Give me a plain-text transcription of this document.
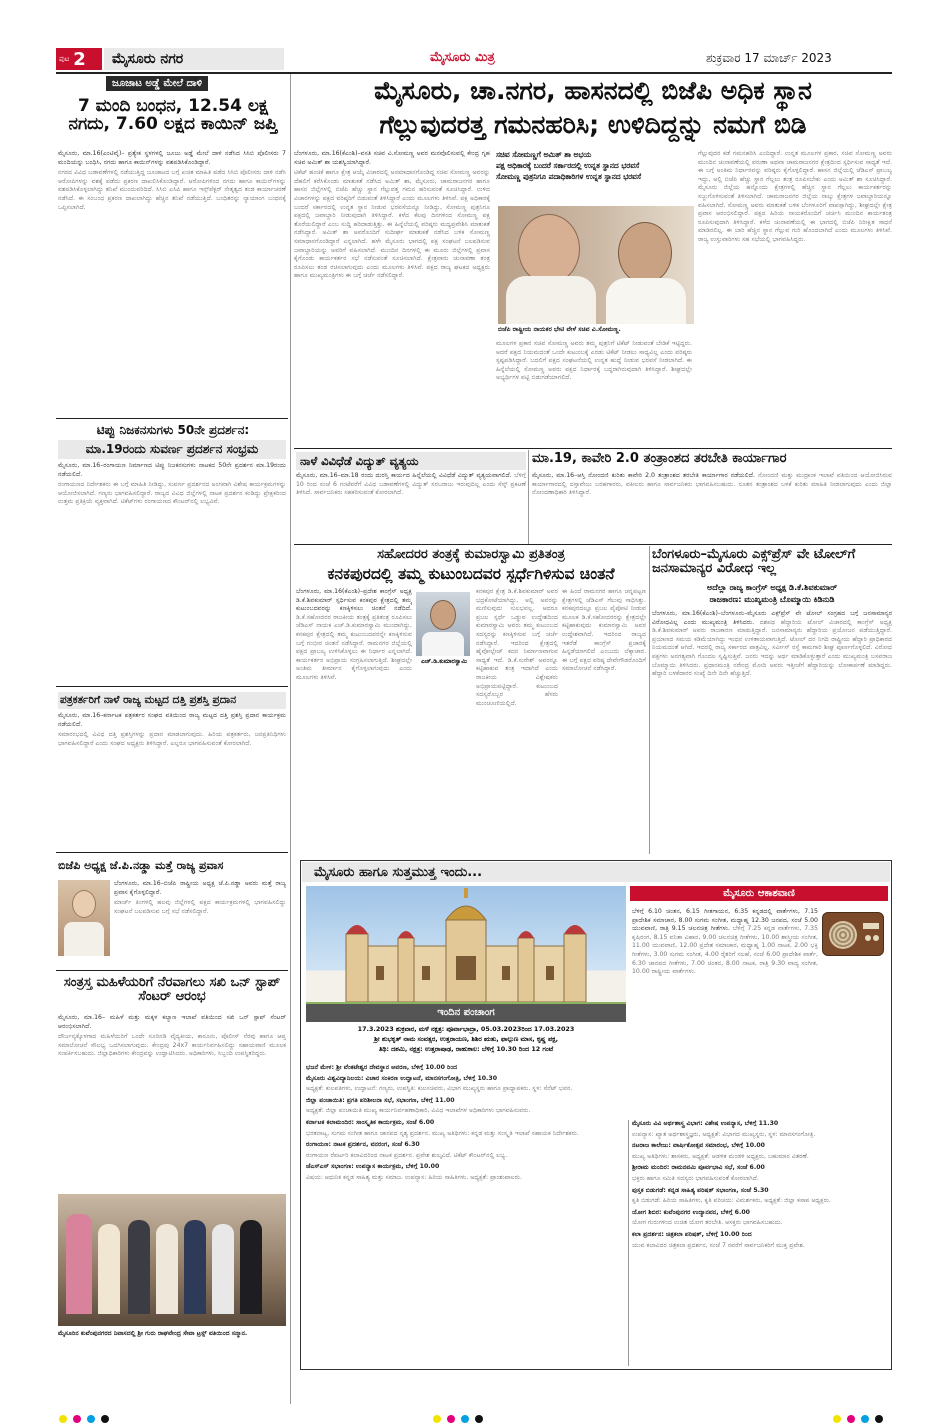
ಪುಟ 2 ಮೈಸೂರು ನಗರ	ಮೈಸೂರು ಮಿತ್ರ	ಶುಕ್ರವಾರ 17 ಮಾರ್ಚ್ 2023
ಜೂಜಾಟ ಅಡ್ಡೆ ಮೇಲೆ ದಾಳಿ
7 ಮಂದಿ ಬಂಧನ, 12.54 ಲಕ್ಷ ನಗದು, 7.60 ಲಕ್ಷದ ಕಾಯಿನ್ ಜಪ್ತಿ
ಮೈಸೂರು, ಮಾ.16(ಎಂಟಿವೈ)– ಪ್ರತ್ಯೇಕ ಸ್ಥಳಗಳಲ್ಲಿ ಜೂಜು ಅಡ್ಡೆ ಮೇಲೆ ದಾಳಿ ನಡೆಸಿದ ಸಿಸಿಬಿ ಪೊಲೀಸರು 7 ಮಂದಿಯನ್ನು ಬಂಧಿಸಿ, ನಗದು ಹಾಗೂ ಕಾಯಿನ್‌ಗಳನ್ನು ವಶಪಡಿಸಿಕೊಂಡಿದ್ದಾರೆ.
ನಗರದ ವಿವಿಧ ಬಡಾವಣೆಗಳಲ್ಲಿ ನಡೆಯುತ್ತಿದ್ದ ಜೂಜಾಟದ ಬಗ್ಗೆ ಖಚಿತ ಮಾಹಿತಿ ಪಡೆದ ಸಿಸಿಬಿ ಪೊಲೀಸರು ದಾಳಿ ನಡೆಸಿ ಆರೋಪಿಗಳನ್ನು ವಶಕ್ಕೆ ಪಡೆದು ಪ್ರಕರಣ ದಾಖಲಿಸಿಕೊಂಡಿದ್ದಾರೆ. ಆರೋಪಿಗಳಿಂದ ನಗದು ಹಾಗೂ ಕಾಯಿನ್‌ಗಳನ್ನು ವಶಪಡಿಸಿಕೊಳ್ಳಲಾಗಿದ್ದು ತನಿಖೆ ಮುಂದುವರಿದಿದೆ. ಸಿಸಿಬಿ ಎಸಿಪಿ ಹಾಗೂ ಇನ್ಸ್‌ಪೆಕ್ಟರ್ ನೇತೃತ್ವದ ತಂಡ ಕಾರ್ಯಾಚರಣೆ ನಡೆಸಿದೆ. ಈ ಸಂಬಂಧ ಪ್ರಕರಣ ದಾಖಲಾಗಿದ್ದು ಹೆಚ್ಚಿನ ತನಿಖೆ ನಡೆಯುತ್ತಿದೆ. ಬಂಧಿತರನ್ನು ನ್ಯಾಯಾಂಗ ಬಂಧನಕ್ಕೆ ಒಪ್ಪಿಸಲಾಗಿದೆ.
ಟಿಪ್ಪು ನಿಜಕನಸುಗಳು 50ನೇ ಪ್ರದರ್ಶನ:
ಮಾ.19ರಂದು ಸುವರ್ಣ ಪ್ರದರ್ಶನ ಸಂಭ್ರಮ
ಮೈಸೂರು, ಮಾ.16–ರಂಗಾಯಣ ನಿರ್ಮಾಣದ ಟಿಪ್ಪು ನಿಜಕನಸುಗಳು ನಾಟಕದ 50ನೇ ಪ್ರದರ್ಶನ ಮಾ.19ರಂದು ನಡೆಯಲಿದೆ.
ರಂಗಾಯಣದ ನಿರ್ದೇಶಕರು ಈ ಬಗ್ಗೆ ಮಾಹಿತಿ ನೀಡಿದ್ದು, ಸುವರ್ಣ ಪ್ರದರ್ಶನದ ಅಂಗವಾಗಿ ವಿಶೇಷ ಕಾರ್ಯಕ್ರಮಗಳನ್ನು ಆಯೋಜಿಸಲಾಗಿದೆ. ಗಣ್ಯರು ಭಾಗವಹಿಸಲಿದ್ದಾರೆ. ರಾಜ್ಯದ ವಿವಿಧ ಜಿಲ್ಲೆಗಳಲ್ಲಿ ನಾಟಕ ಪ್ರದರ್ಶನ ಕಂಡಿದ್ದು ಪ್ರೇಕ್ಷಕರಿಂದ ಉತ್ತಮ ಪ್ರತಿಕ್ರಿಯೆ ವ್ಯಕ್ತವಾಗಿದೆ. ಟಿಕೆಟ್‌ಗಳು ರಂಗಾಯಣದ ಕೌಂಟರ್‌ನಲ್ಲಿ ಲಭ್ಯವಿವೆ.
ಪತ್ರಕರ್ತರಿಗೆ ನಾಳೆ ರಾಜ್ಯ ಮಟ್ಟದ ದತ್ತಿ ಪ್ರಶಸ್ತಿ ಪ್ರದಾನ
ಮೈಸೂರು, ಮಾ.16–ಕರ್ನಾಟಕ ಪತ್ರಕರ್ತರ ಸಂಘದ ವತಿಯಿಂದ ರಾಜ್ಯ ಮಟ್ಟದ ದತ್ತಿ ಪ್ರಶಸ್ತಿ ಪ್ರದಾನ ಕಾರ್ಯಕ್ರಮ ನಡೆಯಲಿದೆ.
ಸಮಾರಂಭದಲ್ಲಿ ವಿವಿಧ ದತ್ತಿ ಪ್ರಶಸ್ತಿಗಳನ್ನು ಪ್ರದಾನ ಮಾಡಲಾಗುವುದು. ಹಿರಿಯ ಪತ್ರಕರ್ತರು, ಜನಪ್ರತಿನಿಧಿಗಳು ಭಾಗವಹಿಸಲಿದ್ದಾರೆ ಎಂದು ಸಂಘದ ಅಧ್ಯಕ್ಷರು ತಿಳಿಸಿದ್ದಾರೆ. ಎಲ್ಲರೂ ಭಾಗವಹಿಸುವಂತೆ ಕೋರಲಾಗಿದೆ.
ಬಿಜೆಪಿ ಅಧ್ಯಕ್ಷ ಜೆ.ಪಿ.ನಡ್ಡಾ ಮತ್ತೆ ರಾಜ್ಯ ಪ್ರವಾಸ
ಬೆಂಗಳೂರು, ಮಾ.16–ಬಿಜೆಪಿ ರಾಷ್ಟ್ರೀಯ ಅಧ್ಯಕ್ಷ ಜೆ.ಪಿ.ನಡ್ಡಾ ಅವರು ಮತ್ತೆ ರಾಜ್ಯ ಪ್ರವಾಸ ಕೈಗೊಳ್ಳಲಿದ್ದಾರೆ.
ಮಾರ್ಚ್ ತಿಂಗಳಲ್ಲಿ ಹಲವು ಜಿಲ್ಲೆಗಳಲ್ಲಿ ಪಕ್ಷದ ಕಾರ್ಯಕ್ರಮಗಳಲ್ಲಿ ಭಾಗವಹಿಸಲಿದ್ದು ಸಂಘಟನೆ ಬಲಪಡಿಸುವ ಬಗ್ಗೆ ಸಭೆ ನಡೆಸಲಿದ್ದಾರೆ.
ಸಂತ್ರಸ್ತ ಮಹಿಳೆಯರಿಗೆ ನೆರವಾಗಲು ಸಖಿ ಒನ್ ಸ್ಟಾಪ್ ಸೆಂಟರ್ ಆರಂಭ
ಮೈಸೂರು, ಮಾ.16– ಮಹಿಳೆ ಮತ್ತು ಮಕ್ಕಳ ಕಲ್ಯಾಣ ಇಲಾಖೆ ವತಿಯಿಂದ ಸಖಿ ಒನ್ ಸ್ಟಾಪ್ ಸೆಂಟರ್ ಆರಂಭಿಸಲಾಗಿದೆ.
ದೌರ್ಜನ್ಯಕ್ಕೊಳಗಾದ ಮಹಿಳೆಯರಿಗೆ ಒಂದೇ ಸೂರಿನಡಿ ವೈದ್ಯಕೀಯ, ಕಾನೂನು, ಪೊಲೀಸ್ ನೆರವು ಹಾಗೂ ಆಪ್ತ ಸಮಾಲೋಚನೆ ಸೌಲಭ್ಯ ಒದಗಿಸಲಾಗುವುದು. ಕೇಂದ್ರವು 24x7 ಕಾರ್ಯನಿರ್ವಹಿಸಲಿದ್ದು ಸಹಾಯವಾಣಿ ಮೂಲಕ ಸಂಪರ್ಕಿಸಬಹುದು. ಜಿಲ್ಲಾಧಿಕಾರಿಗಳು ಕೇಂದ್ರವನ್ನು ಉದ್ಘಾಟಿಸಿದರು. ಅಧಿಕಾರಿಗಳು, ಸಿಬ್ಬಂದಿ ಉಪಸ್ಥಿತರಿದ್ದರು.
ಮೈಸೂರಿನ ಕುವೆಂಪುನಗರದ ನಿವಾಸದಲ್ಲಿ ಶ್ರೀ ಗುರು ರಾಘವೇಂದ್ರ ಸೇವಾ ಟ್ರಸ್ಟ್ ವತಿಯಿಂದ ಸನ್ಮಾನ.
ಮೈಸೂರು, ಚಾ.ನಗರ, ಹಾಸನದಲ್ಲಿ ಬಿಜೆಪಿ ಅಧಿಕ ಸ್ಥಾನ
ಗೆಲ್ಲುವುದರತ್ತ ಗಮನಹರಿಸಿ; ಉಳಿದಿದ್ದನ್ನು ನಮಗೆ ಬಿಡಿ
ಬೆಂಗಳೂರು, ಮಾ.16(ಕೆಎಂಶಿ)–ವಸತಿ ಸಚಿವ ವಿ.ಸೋಮಣ್ಣ ಅವರ ಮನವೊಲಿಸುವಲ್ಲಿ ಕೇಂದ್ರ ಗೃಹ ಸಚಿವ ಅಮಿತ್ ಶಾ ಯಶಸ್ವಿಯಾಗಿದ್ದಾರೆ.
ಟಿಕೆಟ್ ಹಂಚಿಕೆ ಹಾಗೂ ಕ್ಷೇತ್ರ ಆಯ್ಕೆ ವಿಚಾರದಲ್ಲಿ ಅಸಮಾಧಾನಗೊಂಡಿದ್ದ ಸಚಿವ ಸೋಮಣ್ಣ ಅವರನ್ನು ದೆಹಲಿಗೆ ಕರೆಸಿಕೊಂಡು ಮಾತುಕತೆ ನಡೆಸಿದ ಅಮಿತ್ ಶಾ, ಮೈಸೂರು, ಚಾಮರಾಜನಗರ ಹಾಗೂ ಹಾಸನ ಜಿಲ್ಲೆಗಳಲ್ಲಿ ಬಿಜೆಪಿ ಹೆಚ್ಚು ಸ್ಥಾನ ಗೆಲ್ಲುವತ್ತ ಗಮನ ಹರಿಸುವಂತೆ ಸೂಚಿಸಿದ್ದಾರೆ. ಉಳಿದ ವಿಚಾರಗಳನ್ನು ಪಕ್ಷದ ವರಿಷ್ಠರಿಗೆ ಬಿಡುವಂತೆ ತಿಳಿಸಿದ್ದಾರೆ ಎಂದು ಮೂಲಗಳು ತಿಳಿಸಿವೆ. ಪಕ್ಷ ಅಧಿಕಾರಕ್ಕೆ ಬಂದರೆ ಸರ್ಕಾರದಲ್ಲಿ ಉನ್ನತ ಸ್ಥಾನ ನೀಡುವ ಭರವಸೆಯನ್ನೂ ನೀಡಿದ್ದು, ಸೋಮಣ್ಣ ಪುತ್ರನಿಗೂ ಪಕ್ಷದಲ್ಲಿ ಜವಾಬ್ದಾರಿ ನೀಡುವುದಾಗಿ ತಿಳಿಸಿದ್ದಾರೆ. ಕಳೆದ ಕೆಲವು ದಿನಗಳಿಂದ ಸೋಮಣ್ಣ ಪಕ್ಷ ತೊರೆಯಲಿದ್ದಾರೆ ಎಂಬ ಸುದ್ದಿ ಹರಿದಾಡುತ್ತಿತ್ತು. ಈ ಹಿನ್ನೆಲೆಯಲ್ಲಿ ವರಿಷ್ಠರು ಮಧ್ಯಪ್ರವೇಶಿಸಿ ಮಾತುಕತೆ ನಡೆಸಿದ್ದಾರೆ. ಅಮಿತ್ ಶಾ ಅವರೊಂದಿಗೆ ಸುದೀರ್ಘ ಮಾತುಕತೆ ನಡೆಸಿದ ಬಳಿಕ ಸೋಮಣ್ಣ ಸಮಾಧಾನಗೊಂಡಿದ್ದಾರೆ ಎನ್ನಲಾಗಿದೆ. ಹಳೇ ಮೈಸೂರು ಭಾಗದಲ್ಲಿ ಪಕ್ಷ ಸಂಘಟನೆ ಬಲಪಡಿಸುವ ಜವಾಬ್ದಾರಿಯನ್ನು ಅವರಿಗೆ ವಹಿಸಲಾಗಿದೆ. ಮುಂದಿನ ದಿನಗಳಲ್ಲಿ ಈ ಮೂರು ಜಿಲ್ಲೆಗಳಲ್ಲಿ ಪ್ರವಾಸ ಕೈಗೊಂಡು ಕಾರ್ಯಕರ್ತರ ಸಭೆ ನಡೆಸುವಂತೆ ಸೂಚಿಸಲಾಗಿದೆ. ಕ್ಷೇತ್ರವಾರು ಚುನಾವಣಾ ತಂತ್ರ ರೂಪಿಸಲು ತಂಡ ರಚಿಸಲಾಗುವುದು ಎಂದು ಮೂಲಗಳು ತಿಳಿಸಿವೆ. ಪಕ್ಷದ ರಾಜ್ಯ ಘಟಕದ ಅಧ್ಯಕ್ಷರು ಹಾಗೂ ಮುಖ್ಯಮಂತ್ರಿಗಳು ಈ ಬಗ್ಗೆ ಚರ್ಚೆ ನಡೆಸಲಿದ್ದಾರೆ.
ಸಚಿವ ಸೋಮಣ್ಣಗೆ ಅಮಿತ್ ಶಾ ಅಭಯ
ಪಕ್ಷ ಅಧಿಕಾರಕ್ಕೆ ಬಂದರೆ ಸರ್ಕಾರದಲ್ಲಿ ಉನ್ನತ ಸ್ಥಾನದ ಭರವಸೆ
ಸೋಮಣ್ಣ ಪುತ್ರನಿಗೂ ಪದಾಧಿಕಾರಿಗಳ ಉನ್ನತ ಸ್ಥಾನದ ಭರವಸೆ
ಬಿಜೆಪಿ ರಾಷ್ಟ್ರೀಯ ನಾಯಕರ ಭೇಟಿ ವೇಳೆ ಸಚಿವ ವಿ.ಸೋಮಣ್ಣ.
ಮೂಲಗಳ ಪ್ರಕಾರ ಸಚಿವ ಸೋಮಣ್ಣ ಅವರು ತಮ್ಮ ಪುತ್ರನಿಗೆ ಟಿಕೆಟ್ ನೀಡುವಂತೆ ಬೇಡಿಕೆ ಇಟ್ಟಿದ್ದರು. ಆದರೆ ಪಕ್ಷದ ನಿಯಮದಂತೆ ಒಂದೇ ಕುಟುಂಬಕ್ಕೆ ಎರಡು ಟಿಕೆಟ್ ನೀಡಲು ಸಾಧ್ಯವಿಲ್ಲ ಎಂದು ವರಿಷ್ಠರು ಸ್ಪಷ್ಟಪಡಿಸಿದ್ದಾರೆ. ಬದಲಿಗೆ ಪಕ್ಷದ ಸಂಘಟನೆಯಲ್ಲಿ ಉನ್ನತ ಹುದ್ದೆ ನೀಡುವ ಭರವಸೆ ನೀಡಲಾಗಿದೆ. ಈ ಹಿನ್ನೆಲೆಯಲ್ಲಿ ಸೋಮಣ್ಣ ಅವರು ಪಕ್ಷದ ನಿರ್ಧಾರಕ್ಕೆ ಬದ್ಧರಾಗಿರುವುದಾಗಿ ತಿಳಿಸಿದ್ದಾರೆ. ಶೀಘ್ರದಲ್ಲೇ ಅಭ್ಯರ್ಥಿಗಳ ಪಟ್ಟಿ ಬಿಡುಗಡೆಯಾಗಲಿದೆ.
ಗೆಲ್ಲುವುದರ ಕಡೆ ಗಮನಹರಿಸಿ ಎಂದಿದ್ದಾರೆ. ಉನ್ನತ ಮೂಲಗಳ ಪ್ರಕಾರ, ಸಚಿವ ಸೋಮಣ್ಣ ಅವರು ಮುಂದಿನ ಚುನಾವಣೆಯಲ್ಲಿ ವರುಣಾ ಅಥವಾ ಚಾಮರಾಜನಗರ ಕ್ಷೇತ್ರದಿಂದ ಸ್ಪರ್ಧಿಸುವ ಸಾಧ್ಯತೆ ಇದೆ. ಈ ಬಗ್ಗೆ ಅಂತಿಮ ನಿರ್ಧಾರವನ್ನು ವರಿಷ್ಠರು ಕೈಗೊಳ್ಳಲಿದ್ದಾರೆ. ಹಾಸನ ಜಿಲ್ಲೆಯಲ್ಲಿ ಜೆಡಿಎಸ್ ಪ್ರಾಬಲ್ಯ ಇದ್ದು, ಅಲ್ಲಿ ಬಿಜೆಪಿ ಹೆಚ್ಚು ಸ್ಥಾನ ಗೆಲ್ಲಲು ತಂತ್ರ ರೂಪಿಸಬೇಕು ಎಂದು ಅಮಿತ್ ಶಾ ಸೂಚಿಸಿದ್ದಾರೆ. ಮೈಸೂರು ಜಿಲ್ಲೆಯ ಹನ್ನೊಂದು ಕ್ಷೇತ್ರಗಳಲ್ಲಿ ಹೆಚ್ಚಿನ ಸ್ಥಾನ ಗೆಲ್ಲಲು ಕಾರ್ಯಕರ್ತರನ್ನು ಸಜ್ಜುಗೊಳಿಸುವಂತೆ ತಿಳಿಸಲಾಗಿದೆ. ಚಾಮರಾಜನಗರ ಜಿಲ್ಲೆಯ ನಾಲ್ಕು ಕ್ಷೇತ್ರಗಳ ಜವಾಬ್ದಾರಿಯನ್ನೂ ವಹಿಸಲಾಗಿದೆ. ಸೋಮಣ್ಣ ಅವರು ಮಾತುಕತೆ ಬಳಿಕ ಬೆಂಗಳೂರಿಗೆ ವಾಪಸ್ಸಾಗಿದ್ದು, ಶೀಘ್ರದಲ್ಲೇ ಕ್ಷೇತ್ರ ಪ್ರವಾಸ ಆರಂಭಿಸಲಿದ್ದಾರೆ. ಪಕ್ಷದ ಹಿರಿಯ ನಾಯಕರೊಂದಿಗೆ ಚರ್ಚಿಸಿ ಮುಂದಿನ ಕಾರ್ಯತಂತ್ರ ರೂಪಿಸುವುದಾಗಿ ತಿಳಿಸಿದ್ದಾರೆ. ಕಳೆದ ಚುನಾವಣೆಯಲ್ಲಿ ಈ ಭಾಗದಲ್ಲಿ ಬಿಜೆಪಿ ನಿರೀಕ್ಷಿತ ಸಾಧನೆ ಮಾಡಿರಲಿಲ್ಲ. ಈ ಬಾರಿ ಹೆಚ್ಚಿನ ಸ್ಥಾನ ಗೆಲ್ಲುವ ಗುರಿ ಹೊಂದಲಾಗಿದೆ ಎಂದು ಮೂಲಗಳು ತಿಳಿಸಿವೆ. ರಾಜ್ಯ ಉಸ್ತುವಾರಿಗಳು ಸಹ ಸಭೆಯಲ್ಲಿ ಭಾಗವಹಿಸಿದ್ದರು.
ನಾಳೆ ವಿವಿಧೆಡೆ ವಿದ್ಯುತ್ ವ್ಯತ್ಯಯ
ಮೈಸೂರು, ಮಾ.16–ಮಾ.18 ರಂದು ದುರಸ್ತಿ ಕಾರ್ಯದ ಹಿನ್ನೆಲೆಯಲ್ಲಿ ವಿವಿಧೆಡೆ ವಿದ್ಯುತ್ ವ್ಯತ್ಯಯವಾಗಲಿದೆ. ಬೆಳಿಗ್ಗೆ 10 ರಿಂದ ಸಂಜೆ 6 ಗಂಟೆವರೆಗೆ ವಿವಿಧ ಬಡಾವಣೆಗಳಲ್ಲಿ ವಿದ್ಯುತ್ ಸರಬರಾಜು ಇರುವುದಿಲ್ಲ ಎಂದು ಸೆಸ್ಕ್ ಪ್ರಕಟಣೆ ತಿಳಿಸಿದೆ. ಸಾರ್ವಜನಿಕರು ಸಹಕರಿಸುವಂತೆ ಕೋರಲಾಗಿದೆ.
ಮಾ.19, ಕಾವೇರಿ 2.0 ತಂತ್ರಾಂಶದ ತರಬೇತಿ ಕಾರ್ಯಾಗಾರ
ಮೈಸೂರು, ಮಾ.16–ಆಸ್ತಿ ನೋಂದಣಿ ಕುರಿತು ಕಾವೇರಿ 2.0 ತಂತ್ರಾಂಶದ ತರಬೇತಿ ಕಾರ್ಯಾಗಾರ ನಡೆಯಲಿದೆ. ನೋಂದಣಿ ಮತ್ತು ಮುದ್ರಾಂಕ ಇಲಾಖೆ ವತಿಯಿಂದ ಆಯೋಜಿಸಿರುವ ಕಾರ್ಯಾಗಾರದಲ್ಲಿ ದಸ್ತಾವೇಜು ಬರಹಗಾರರು, ವಕೀಲರು ಹಾಗೂ ಸಾರ್ವಜನಿಕರು ಭಾಗವಹಿಸಬಹುದು. ನೂತನ ತಂತ್ರಾಂಶದ ಬಳಕೆ ಕುರಿತು ಮಾಹಿತಿ ನೀಡಲಾಗುವುದು ಎಂದು ಜಿಲ್ಲಾ ನೋಂದಣಾಧಿಕಾರಿ ತಿಳಿಸಿದ್ದಾರೆ.
ಸಹೋದರರ ತಂತ್ರಕ್ಕೆ ಕುಮಾರಸ್ವಾಮಿ ಪ್ರತಿತಂತ್ರ
ಕನಕಪುರದಲ್ಲಿ ತಮ್ಮ ಕುಟುಂಬದವರ ಸ್ಪರ್ಧೆಗಿಳಿಸುವ ಚಿಂತನೆ
ಬೆಂಗಳೂರು, ಮಾ.16(ಕೆಎಂಶಿ)–ಪ್ರದೇಶ ಕಾಂಗ್ರೆಸ್ ಅಧ್ಯಕ್ಷ ಡಿ.ಕೆ.ಶಿವಕುಮಾರ್ ಸ್ಪರ್ಧಿಸುವ ಕನಕಪುರ ಕ್ಷೇತ್ರದಲ್ಲಿ ತಮ್ಮ ಕುಟುಂಬದವರನ್ನು ಕಣಕ್ಕಿಳಿಸಲು ಚಿಂತನೆ ನಡೆದಿದೆ. ಡಿ.ಕೆ.ಸಹೋದರರ ರಾಜಕೀಯ ತಂತ್ರಕ್ಕೆ ಪ್ರತಿತಂತ್ರ ರೂಪಿಸಲು ಜೆಡಿಎಸ್ ನಾಯಕ ಎಚ್.ಡಿ.ಕುಮಾರಸ್ವಾಮಿ ಮುಂದಾಗಿದ್ದು, ಕನಕಪುರ ಕ್ಷೇತ್ರದಲ್ಲಿ ತಮ್ಮ ಕುಟುಂಬದವರನ್ನೇ ಕಣಕ್ಕಿಳಿಸುವ ಬಗ್ಗೆ ಗಂಭೀರ ಚಿಂತನೆ ನಡೆಸಿದ್ದಾರೆ. ರಾಮನಗರ ಜಿಲ್ಲೆಯಲ್ಲಿ ಪಕ್ಷದ ಪ್ರಾಬಲ್ಯ ಉಳಿಸಿಕೊಳ್ಳಲು ಈ ನಿರ್ಧಾರ ಎನ್ನಲಾಗಿದೆ. ಕಾರ್ಯಕರ್ತರ ಅಭಿಪ್ರಾಯ ಸಂಗ್ರಹಿಸಲಾಗುತ್ತಿದೆ. ಶೀಘ್ರದಲ್ಲೇ ಅಂತಿಮ ತೀರ್ಮಾನ ಕೈಗೊಳ್ಳಲಾಗುವುದು ಎಂದು ಮೂಲಗಳು ತಿಳಿಸಿವೆ.
ಎಚ್.ಡಿ.ಕುಮಾರಸ್ವಾಮಿ
ಕನಕಪುರ ಕ್ಷೇತ್ರ ಡಿ.ಕೆ.ಶಿವಕುಮಾರ್ ಅವರ ಭದ್ರಕೋಟೆಯಾಗಿದ್ದು, ಅಲ್ಲಿ ಅವರನ್ನು ಮಣಿಸುವುದು ಸುಲಭವಲ್ಲ. ಆದರೂ ಪ್ರಬಲ ಸ್ಪರ್ಧೆ ಒಡ್ಡುವ ಉದ್ದೇಶದಿಂದ ಕುಮಾರಸ್ವಾಮಿ ಅವರು ತಮ್ಮ ಕುಟುಂಬದ ಸದಸ್ಯರನ್ನು ಕಣಕ್ಕಿಳಿಸುವ ಬಗ್ಗೆ ಚರ್ಚೆ ನಡೆಸಿದ್ದಾರೆ. ಇದರಿಂದ ಕ್ಷೇತ್ರದಲ್ಲಿ ಹೈವೋಲ್ಟೇಜ್ ಕದನ ನಿರ್ಮಾಣವಾಗುವ ಸಾಧ್ಯತೆ ಇದೆ. ಡಿ.ಕೆ.ಸುರೇಶ್ ಅವರನ್ನೂ ಕಟ್ಟಿಹಾಕುವ ತಂತ್ರ ಇದಾಗಿದೆ ಎಂದು ರಾಜಕೀಯ ವಿಶ್ಲೇಷಕರು ಅಭಿಪ್ರಾಯಪಟ್ಟಿದ್ದಾರೆ. ಕುಟುಂಬದ ಸದಸ್ಯರೊಬ್ಬರ ಹೆಸರು ಮುಂಚೂಣಿಯಲ್ಲಿದೆ.
ಈ ಹಿಂದೆ ರಾಮನಗರ ಹಾಗೂ ಚನ್ನಪಟ್ಟಣ ಕ್ಷೇತ್ರಗಳಲ್ಲಿ ಜೆಡಿಎಸ್ ಗೆಲುವು ಸಾಧಿಸಿತ್ತು. ಕನಕಪುರದಲ್ಲೂ ಪ್ರಬಲ ಪೈಪೋಟಿ ನೀಡುವ ಮೂಲಕ ಡಿ.ಕೆ.ಸಹೋದರರನ್ನು ಕ್ಷೇತ್ರದಲ್ಲೇ ಕಟ್ಟಿಹಾಕುವುದು ಕುಮಾರಸ್ವಾಮಿ ಅವರ ಉದ್ದೇಶವಾಗಿದೆ. ಇದರಿಂದ ರಾಜ್ಯದ ಇತರೆಡೆ ಕಾಂಗ್ರೆಸ್ ಪ್ರಚಾರಕ್ಕೆ ಹಿನ್ನಡೆಯಾಗಲಿದೆ ಎಂಬುದು ಲೆಕ್ಕಾಚಾರ. ಈ ಬಗ್ಗೆ ಪಕ್ಷದ ವರಿಷ್ಠ ದೇವೇಗೌಡರೊಂದಿಗೆ ಸಮಾಲೋಚನೆ ನಡೆಸಿದ್ದಾರೆ.
ಬೆಂಗಳೂರು–ಮೈಸೂರು ಎಕ್ಸ್‌ಪ್ರೆಸ್ ವೇ ಟೋಲ್‌ಗೆ ಜನಸಾಮಾನ್ಯರ ವಿರೋಧ ಇಲ್ಲ
ಅದೆಲ್ಲಾ ರಾಜ್ಯ ಕಾಂಗ್ರೆಸ್ ಅಧ್ಯಕ್ಷ ಡಿ.ಕೆ.ಶಿವಕುಮಾರ್
ರಾಜಕಾರಣ: ಮುಖ್ಯಮಂತ್ರಿ ಬೊಮ್ಮಾಯಿ ಕಿಡಿನುಡಿ
ಬೆಂಗಳೂರು, ಮಾ.16(ಕೆಎಂಶಿ)–ಬೆಂಗಳೂರು–ಮೈಸೂರು ಎಕ್ಸ್‌ಪ್ರೆಸ್ ವೇ ಟೋಲ್ ಸಂಗ್ರಹದ ಬಗ್ಗೆ ಜನಸಾಮಾನ್ಯರ ವಿರೋಧವಿಲ್ಲ ಎಂದು ಮುಖ್ಯಮಂತ್ರಿ ತಿಳಿಸಿದರು. ದಶಪಥ ಹೆದ್ದಾರಿಯ ಟೋಲ್ ವಿಚಾರದಲ್ಲಿ ಕಾಂಗ್ರೆಸ್ ಅಧ್ಯಕ್ಷ ಡಿ.ಕೆ.ಶಿವಕುಮಾರ್ ಅವರು ರಾಜಕಾರಣ ಮಾಡುತ್ತಿದ್ದಾರೆ. ಜನಸಾಮಾನ್ಯರು ಹೆದ್ದಾರಿಯ ಪ್ರಯೋಜನ ಪಡೆಯುತ್ತಿದ್ದಾರೆ. ಪ್ರಯಾಣದ ಸಮಯ ಕಡಿಮೆಯಾಗಿದ್ದು ಇಂಧನ ಉಳಿತಾಯವಾಗುತ್ತಿದೆ. ಟೋಲ್ ದರ ನಿಗದಿ ರಾಷ್ಟ್ರೀಯ ಹೆದ್ದಾರಿ ಪ್ರಾಧಿಕಾರದ ನಿಯಮದಂತೆ ಆಗಿದೆ. ಇದರಲ್ಲಿ ರಾಜ್ಯ ಸರ್ಕಾರದ ಪಾತ್ರವಿಲ್ಲ. ಸರ್ವೀಸ್ ರಸ್ತೆ ಕಾಮಗಾರಿ ಶೀಘ್ರ ಪೂರ್ಣಗೊಳ್ಳಲಿದೆ. ವಿರೋಧ ಪಕ್ಷಗಳು ಅನಗತ್ಯವಾಗಿ ಗೊಂದಲ ಸೃಷ್ಟಿಸುತ್ತಿವೆ. ಜನರು ಇದನ್ನು ಅರ್ಥ ಮಾಡಿಕೊಳ್ಳುತ್ತಾರೆ ಎಂದು ಮುಖ್ಯಮಂತ್ರಿ ಬಸವರಾಜ ಬೊಮ್ಮಾಯಿ ತಿಳಿಸಿದರು. ಪ್ರಧಾನಮಂತ್ರಿ ನರೇಂದ್ರ ಮೋದಿ ಅವರು ಇತ್ತೀಚೆಗೆ ಹೆದ್ದಾರಿಯನ್ನು ಲೋಕಾರ್ಪಣೆ ಮಾಡಿದ್ದರು. ಹೆದ್ದಾರಿ ಬಳಕೆದಾರರ ಸಂಖ್ಯೆ ದಿನೇ ದಿನೇ ಹೆಚ್ಚುತ್ತಿದೆ.
ಮೈಸೂರು ಹಾಗೂ ಸುತ್ತಮುತ್ತ ಇಂದು...
ಇಂದಿನ ಪಂಚಾಂಗ
17.3.2023 ಶುಕ್ರವಾರ, ಮಳೆ ನಕ್ಷತ್ರ: ಪೂರ್ವಾಭಾದ್ರಾ, 05.03.2023ರಿಂದ 17.03.2023
ಶ್ರೀ ಶುಭಕೃತ್ ನಾಮ ಸಂವತ್ಸರ, ಉತ್ತರಾಯಣ, ಶಿಶಿರ ಋತು, ಫಾಲ್ಗುಣ ಮಾಸ, ಕೃಷ್ಣ ಪಕ್ಷ,
ತಿಥಿ: ದಶಮಿ, ನಕ್ಷತ್ರ: ಉತ್ತರಾಷಾಢ, ರಾಹುಕಾಲ: ಬೆಳಿಗ್ಗೆ 10.30 ರಿಂದ 12 ಗಂಟೆ
ಮೈಸೂರು ಆಕಾಶವಾಣಿ
ಬೆಳಿಗ್ಗೆ 6.10 ಚಿಂತನ, 6.15 ಗೀತಗಾಯನ, 6.35 ಕನ್ನಡದಲ್ಲಿ ವಾರ್ತೆಗಳು, 7.15 ಪ್ರಾದೇಶಿಕ ಸಮಾಚಾರ, 8.00 ಸುಗಮ ಸಂಗೀತ, ಮಧ್ಯಾಹ್ನ 12.30 ಜನಪದ, ಸಂಜೆ 5.00 ಯುವವಾಣಿ, ರಾತ್ರಿ 9.15 ಚಲನಚಿತ್ರ ಗೀತೆಗಳು. ಬೆಳಿಗ್ಗೆ 7.25 ಕನ್ನಡ ವಾರ್ತೆಗಳು, 7.35 ಕೃಷಿರಂಗ, 8.15 ವನಿತಾ ವಿಹಾರ, 9.00 ಚಲನಚಿತ್ರ ಗೀತೆಗಳು, 10.00 ಶಾಸ್ತ್ರೀಯ ಸಂಗೀತ, 11.00 ಯುವವಾಣಿ, 12.00 ಪ್ರದೇಶ ಸಮಾಚಾರ, ಮಧ್ಯಾಹ್ನ 1.00 ನಾಟಕ, 2.00 ಭಕ್ತಿ ಗೀತೆಗಳು, 3.00 ಸುಗಮ ಸಂಗೀತ, 4.00 ರೈತರಿಗೆ ಸಲಹೆ, ಸಂಜೆ 6.00 ಪ್ರಾದೇಶಿಕ ವಾರ್ತೆ, 6.30 ಜಾನಪದ ಗೀತೆಗಳು, 7.00 ಚಿಂತನ, 8.00 ನಾಟಕ, ರಾತ್ರಿ 9.30 ವಾದ್ಯ ಸಂಗೀತ, 10.00 ರಾಷ್ಟ್ರೀಯ ವಾರ್ತೆಗಳು.
ಭಜನೆ ಮೇಳ: ಶ್ರೀ ವೆಂಕಟೇಶ್ವರ ದೇವಸ್ಥಾನ ಆವರಣ, ಬೆಳಿಗ್ಗೆ 10.00 ರಿಂದ
ಮೈಸೂರು ವಿಶ್ವವಿದ್ಯಾನಿಲಯ: ವಿಚಾರ ಸಂಕಿರಣ ಉದ್ಘಾಟನೆ, ಮಾನಸಗಂಗೋತ್ರಿ, ಬೆಳಿಗ್ಗೆ 10.30
ಅಧ್ಯಕ್ಷತೆ: ಕುಲಪತಿಗಳು, ಉದ್ಘಾಟನೆ: ಗಣ್ಯರು, ಉಪಸ್ಥಿತಿ: ಕುಲಸಚಿವರು, ವಿಭಾಗ ಮುಖ್ಯಸ್ಥರು ಹಾಗೂ ಪ್ರಾಧ್ಯಾಪಕರು. ಸ್ಥಳ: ಸೆನೆಟ್ ಭವನ.
ಜಿಲ್ಲಾ ಪಂಚಾಯಿತಿ: ಪ್ರಗತಿ ಪರಿಶೀಲನಾ ಸಭೆ, ಸಭಾಂಗಣ, ಬೆಳಿಗ್ಗೆ 11.00
ಅಧ್ಯಕ್ಷತೆ: ಜಿಲ್ಲಾ ಪಂಚಾಯಿತಿ ಮುಖ್ಯ ಕಾರ್ಯನಿರ್ವಹಣಾಧಿಕಾರಿ, ವಿವಿಧ ಇಲಾಖೆಗಳ ಅಧಿಕಾರಿಗಳು ಭಾಗವಹಿಸುವರು.
ಕರ್ನಾಟಕ ಕಲಾಮಂದಿರ: ಸಾಂಸ್ಕೃತಿಕ ಕಾರ್ಯಕ್ರಮ, ಸಂಜೆ 6.00
ಭರತನಾಟ್ಯ, ಸುಗಮ ಸಂಗೀತ ಹಾಗೂ ಜಾನಪದ ನೃತ್ಯ ಪ್ರದರ್ಶನ. ಮುಖ್ಯ ಅತಿಥಿಗಳು: ಕನ್ನಡ ಮತ್ತು ಸಂಸ್ಕೃತಿ ಇಲಾಖೆ ಸಹಾಯಕ ನಿರ್ದೇಶಕರು.
ರಂಗಾಯಣ: ನಾಟಕ ಪ್ರದರ್ಶನ, ವನರಂಗ, ಸಂಜೆ 6.30
ರಂಗಾಯಣ ರೆಪರ್ಟರಿ ಕಲಾವಿದರಿಂದ ನಾಟಕ ಪ್ರದರ್ಶನ. ಪ್ರವೇಶ ಶುಲ್ಕವಿದೆ. ಟಿಕೆಟ್ ಕೌಂಟರ್‌ನಲ್ಲಿ ಲಭ್ಯ.
ಜೆಎಸ್‌ಎಸ್ ಸಭಾಂಗಣ: ಉಪನ್ಯಾಸ ಕಾರ್ಯಕ್ರಮ, ಬೆಳಿಗ್ಗೆ 10.00
ವಿಷಯ: ಆಧುನಿಕ ಕನ್ನಡ ಸಾಹಿತ್ಯ ಮತ್ತು ಸಮಾಜ. ಉಪನ್ಯಾಸ: ಹಿರಿಯ ಸಾಹಿತಿಗಳು. ಅಧ್ಯಕ್ಷತೆ: ಪ್ರಾಂಶುಪಾಲರು.
ಮೈಸೂರು ವಿವಿ ಅರ್ಥಶಾಸ್ತ್ರ ವಿಭಾಗ: ವಿಶೇಷ ಉಪನ್ಯಾಸ, ಬೆಳಿಗ್ಗೆ 11.30
ಉಪನ್ಯಾಸ: ಖ್ಯಾತ ಅರ್ಥಶಾಸ್ತ್ರಜ್ಞರು, ಅಧ್ಯಕ್ಷತೆ: ವಿಭಾಗದ ಮುಖ್ಯಸ್ಥರು, ಸ್ಥಳ: ಮಾನಸಗಂಗೋತ್ರಿ.
ನಟರಾಜ ಕಾಲೇಜು: ವಾರ್ಷಿಕೋತ್ಸವ ಸಮಾರಂಭ, ಬೆಳಿಗ್ಗೆ 10.00
ಮುಖ್ಯ ಅತಿಥಿಗಳು: ಶಾಸಕರು, ಅಧ್ಯಕ್ಷತೆ: ಆಡಳಿತ ಮಂಡಳಿ ಅಧ್ಯಕ್ಷರು, ಬಹುಮಾನ ವಿತರಣೆ.
ಶ್ರೀರಾಮ ಮಂದಿರ: ರಾಮನವಮಿ ಪೂರ್ವಭಾವಿ ಸಭೆ, ಸಂಜೆ 6.00
ಭಕ್ತರು ಹಾಗೂ ಸಮಿತಿ ಸದಸ್ಯರು ಭಾಗವಹಿಸುವಂತೆ ಕೋರಲಾಗಿದೆ.
ಪುಸ್ತಕ ಬಿಡುಗಡೆ: ಕನ್ನಡ ಸಾಹಿತ್ಯ ಪರಿಷತ್ ಸಭಾಂಗಣ, ಸಂಜೆ 5.30
ಕೃತಿ ಬಿಡುಗಡೆ: ಹಿರಿಯ ಸಾಹಿತಿಗಳು, ಕೃತಿ ಪರಿಚಯ: ವಿಮರ್ಶಕರು, ಅಧ್ಯಕ್ಷತೆ: ಜಿಲ್ಲಾ ಕಸಾಪ ಅಧ್ಯಕ್ಷರು.
ಯೋಗ ಶಿಬಿರ: ಕುವೆಂಪುನಗರ ಉದ್ಯಾನವನ, ಬೆಳಿಗ್ಗೆ 6.00
ಯೋಗ ಗುರುಗಳಿಂದ ಉಚಿತ ಯೋಗ ತರಬೇತಿ. ಆಸಕ್ತರು ಭಾಗವಹಿಸಬಹುದು.
ಕಲಾ ಪ್ರದರ್ಶನ: ಚಿತ್ರಕಲಾ ಪರಿಷತ್, ಬೆಳಿಗ್ಗೆ 10.00 ರಿಂದ
ಯುವ ಕಲಾವಿದರ ಚಿತ್ರಕಲಾ ಪ್ರದರ್ಶನ, ಸಂಜೆ 7 ರವರೆಗೆ ಸಾರ್ವಜನಿಕರಿಗೆ ಮುಕ್ತ ಪ್ರವೇಶ.
